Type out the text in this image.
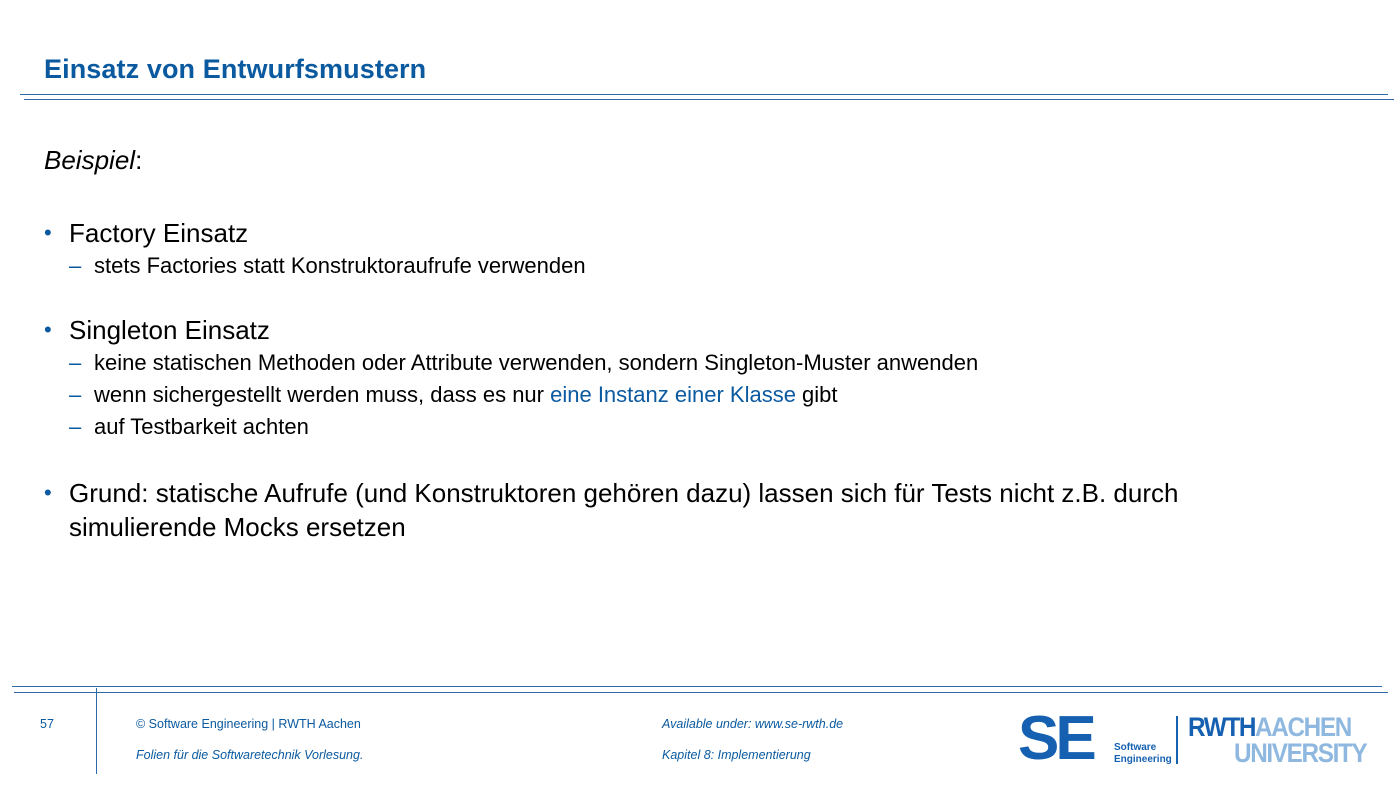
Einsatz von Entwurfsmustern
Beispiel:
• Factory Einsatz
– stets Factories statt Konstruktoraufrufe verwenden
• Singleton Einsatz
– keine statischen Methoden oder Attribute verwenden, sondern Singleton-Muster anwenden
– wenn sichergestellt werden muss, dass es nur eine Instanz einer Klasse gibt
– auf Testbarkeit achten
• Grund: statische Aufrufe (und Konstruktoren gehören dazu) lassen sich für Tests nicht z.B. durch
simulierende Mocks ersetzen
57	© Software Engineering | RWTH Aachen
Folien für die Softwaretechnik Vorlesung.
Available under: www.se-rwth.de
Kapitel 8: Implementierung	SE Software
Engineering
RWTHAACHEN
UNIVERSITY
